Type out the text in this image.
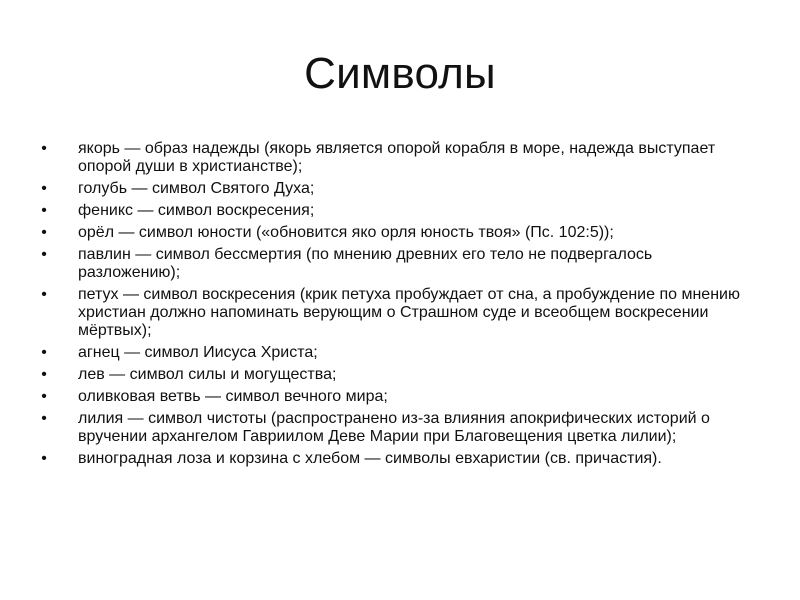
Символы
• якорь — образ надежды (якорь является опорой корабля в море, надежда выступает опорой души в христианстве);
• голубь — символ Святого Духа;
• феникс — символ воскресения;
• орёл — символ юности («обновится яко орля юность твоя» (Пс. 102:5));
• павлин — символ бессмертия (по мнению древних его тело не подвергалось разложению);
• петух — символ воскресения (крик петуха пробуждает от сна, а пробуждение по мнению христиан должно напоминать верующим о Страшном суде и всеобщем воскресении мёртвых);
• агнец — символ Иисуса Христа;
• лев — символ силы и могущества;
• оливковая ветвь — символ вечного мира;
• лилия — символ чистоты (распространено из-за влияния апокрифических историй о вручении архангелом Гавриилом Деве Марии при Благовещения цветка лилии);
• виноградная лоза и корзина с хлебом — символы евхаристии (св. причастия).
